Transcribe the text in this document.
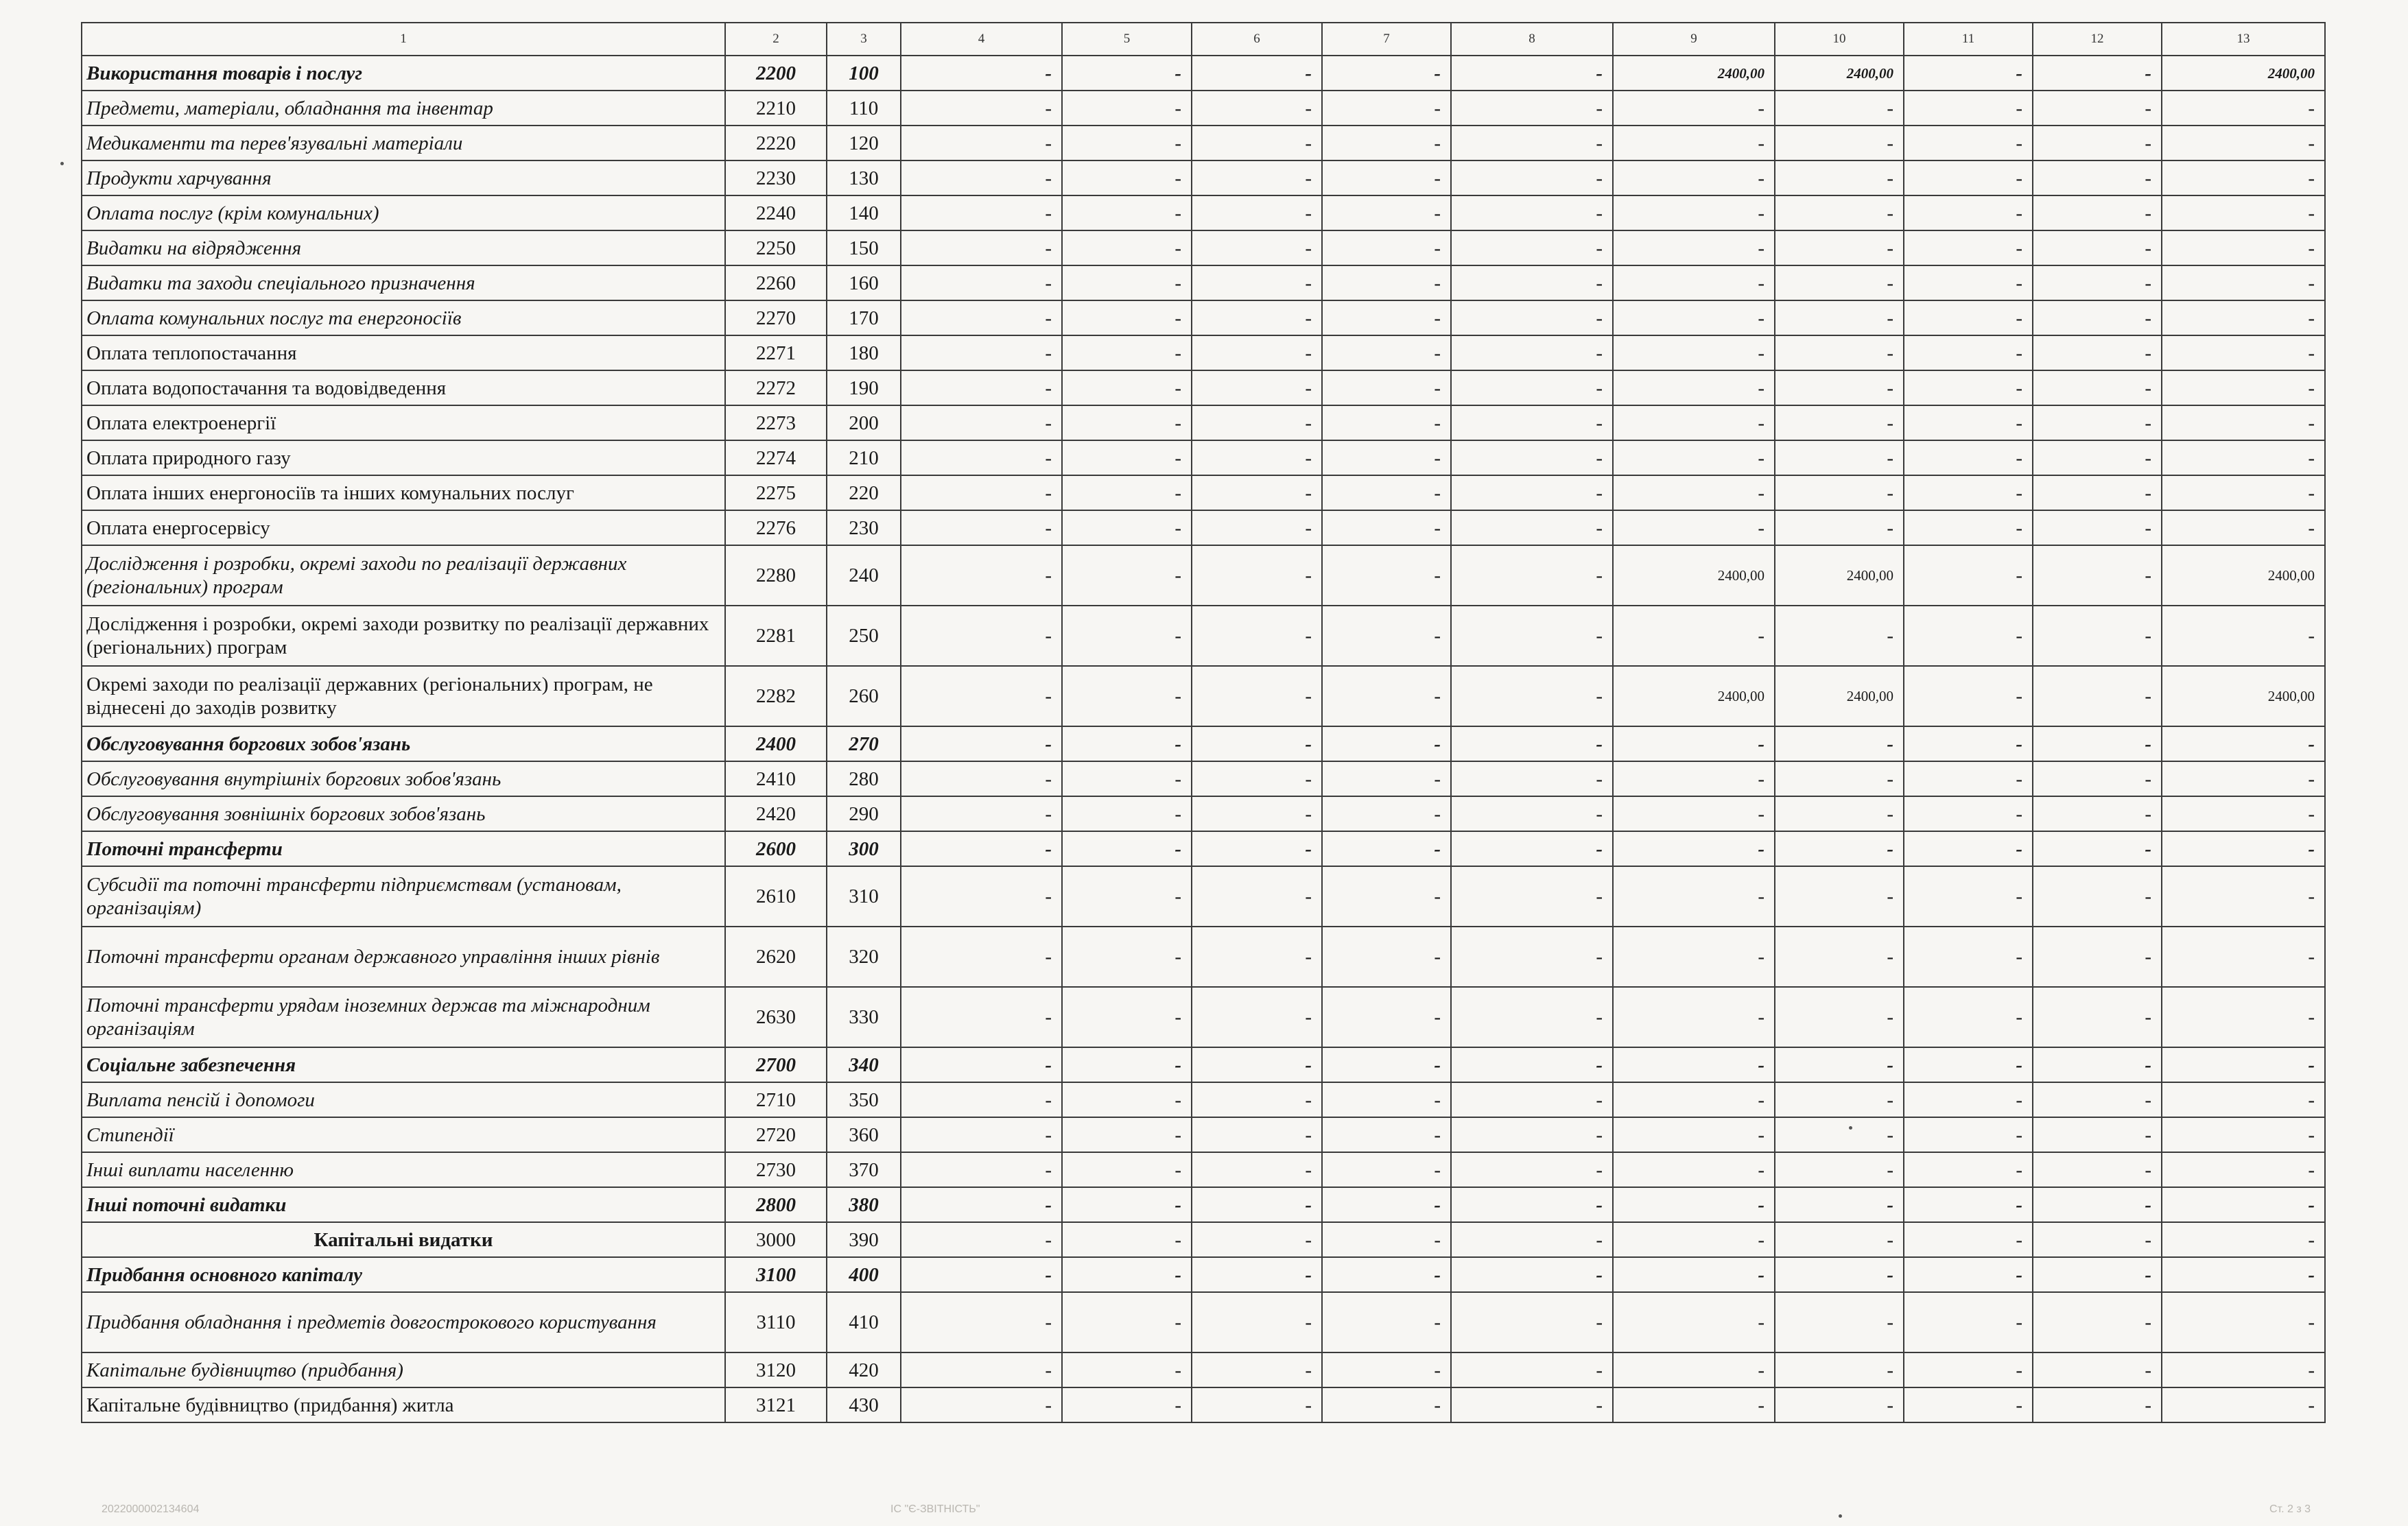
1	2	3	4	5	6	7	8	9	10	11	12	13
Використання товарів і послуг	2200	100	-	-	-	-	-	2400,00	2400,00	-	-	2400,00
Предмети, матеріали, обладнання та інвентар	2210	110	-	-	-	-	-	-	-	-	-	-
Медикаменти та перев'язувальні матеріали	2220	120	-	-	-	-	-	-	-	-	-	-
Продукти харчування	2230	130	-	-	-	-	-	-	-	-	-	-
Оплата послуг (крім комунальних)	2240	140	-	-	-	-	-	-	-	-	-	-
Видатки на відрядження	2250	150	-	-	-	-	-	-	-	-	-	-
Видатки та заходи спеціального призначення	2260	160	-	-	-	-	-	-	-	-	-	-
Оплата комунальних послуг та енергоносіїв	2270	170	-	-	-	-	-	-	-	-	-	-
Оплата теплопостачання	2271	180	-	-	-	-	-	-	-	-	-	-
Оплата водопостачання та водовідведення	2272	190	-	-	-	-	-	-	-	-	-	-
Оплата електроенергії	2273	200	-	-	-	-	-	-	-	-	-	-
Оплата природного газу	2274	210	-	-	-	-	-	-	-	-	-	-
Оплата інших енергоносіїв та інших комунальних послуг	2275	220	-	-	-	-	-	-	-	-	-	-
Оплата енергосервісу	2276	230	-	-	-	-	-	-	-	-	-	-
Дослідження і розробки, окремі заходи по реалізації державних (регіональних) програм	2280	240	-	-	-	-	-	2400,00	2400,00	-	-	2400,00
Дослідження і розробки, окремі заходи розвитку по реалізації державних (регіональних) програм	2281	250	-	-	-	-	-	-	-	-	-	-
Окремі заходи по реалізації державних (регіональних) програм, не віднесені до заходів розвитку	2282	260	-	-	-	-	-	2400,00	2400,00	-	-	2400,00
Обслуговування боргових зобов'язань	2400	270	-	-	-	-	-	-	-	-	-	-
Обслуговування внутрішніх боргових зобов'язань	2410	280	-	-	-	-	-	-	-	-	-	-
Обслуговування зовнішніх боргових зобов'язань	2420	290	-	-	-	-	-	-	-	-	-	-
Поточні трансферти	2600	300	-	-	-	-	-	-	-	-	-	-
Субсидії та поточні трансферти підприємствам (установам, організаціям)	2610	310	-	-	-	-	-	-	-	-	-	-
Поточні трансферти органам державного управління інших рівнів	2620	320	-	-	-	-	-	-	-	-	-	-
Поточні трансферти урядам іноземних держав та міжнародним організаціям	2630	330	-	-	-	-	-	-	-	-	-	-
Соціальне забезпечення	2700	340	-	-	-	-	-	-	-	-	-	-
Виплата пенсій і допомоги	2710	350	-	-	-	-	-	-	-	-	-	-
Стипендії	2720	360	-	-	-	-	-	-	-	-	-	-
Інші виплати населенню	2730	370	-	-	-	-	-	-	-	-	-	-
Інші поточні видатки	2800	380	-	-	-	-	-	-	-	-	-	-
Капітальні видатки	3000	390	-	-	-	-	-	-	-	-	-	-
Придбання основного капіталу	3100	400	-	-	-	-	-	-	-	-	-	-
Придбання обладнання і предметів довгострокового користування	3110	410	-	-	-	-	-	-	-	-	-	-
Капітальне будівництво (придбання)	3120	420	-	-	-	-	-	-	-	-	-	-
Капітальне будівництво (придбання) житла	3121	430	-	-	-	-	-	-	-	-	-	-
2022000002134604	ІС "Є-ЗВІТНІСТЬ"	Ст. 2 з 3
